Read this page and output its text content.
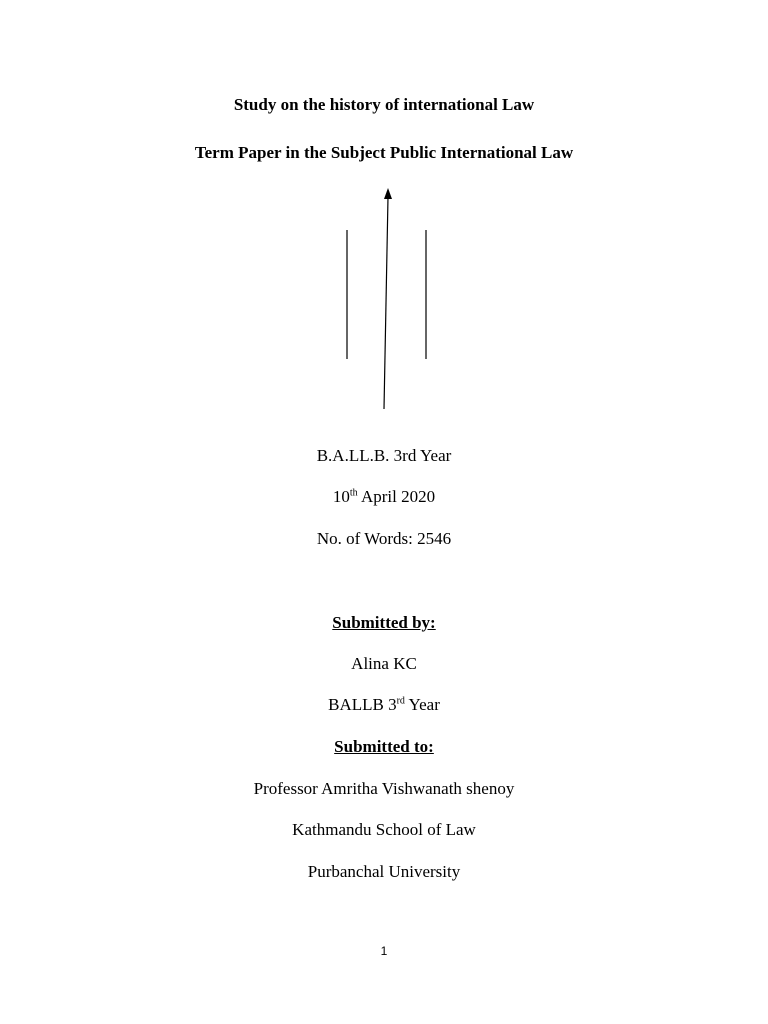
Study on the history of international Law
Term Paper in the Subject Public International Law
B.A.LL.B. 3rd Year
10th April 2020
No. of Words: 2546
Submitted by:
Alina KC
BALLB 3rd Year
Submitted to:
Professor Amritha Vishwanath shenoy
Kathmandu School of Law
Purbanchal University
1
